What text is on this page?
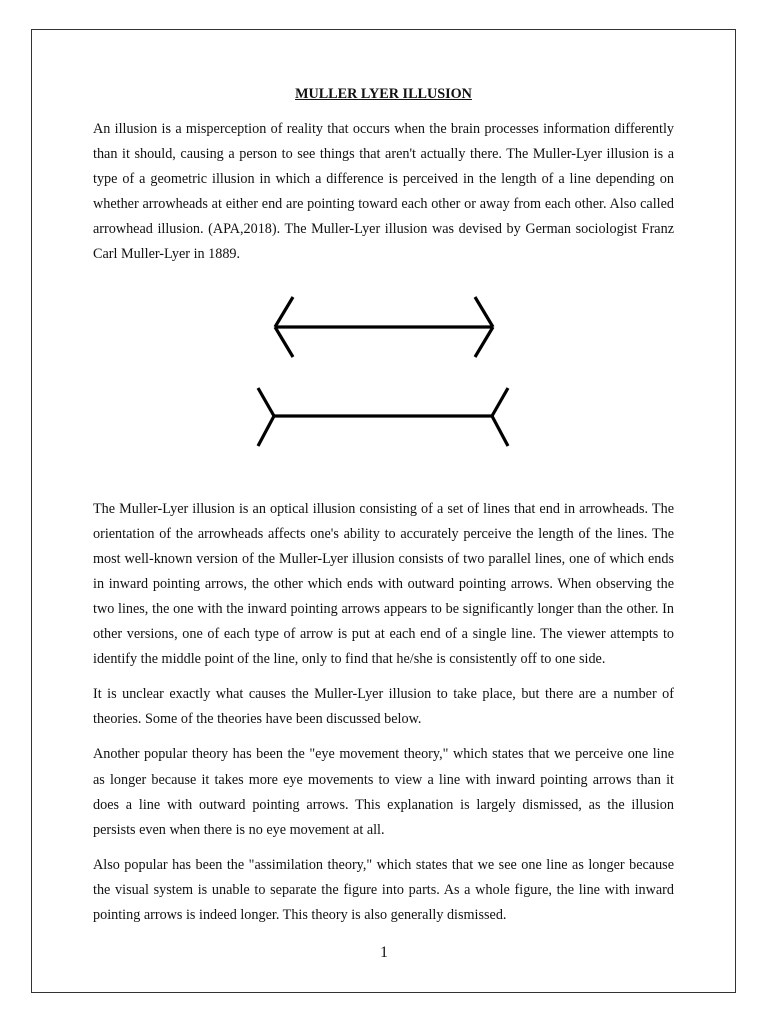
MULLER LYER ILLUSION

An illusion is a misperception of reality that occurs when the brain processes information differently than it should, causing a person to see things that aren't actually there. The Muller-Lyer illusion is a type of a geometric illusion in which a difference is perceived in the length of a line depending on whether arrowheads at either end are pointing toward each other or away from each other. Also called arrowhead illusion. (APA,2018). The Muller-Lyer illusion was devised by German sociologist Franz Carl Muller-Lyer in 1889.

The Muller-Lyer illusion is an optical illusion consisting of a set of lines that end in arrowheads. The orientation of the arrowheads affects one's ability to accurately perceive the length of the lines. The most well-known version of the Muller-Lyer illusion consists of two parallel lines, one of which ends in inward pointing arrows, the other which ends with outward pointing arrows. When observing the two lines, the one with the inward pointing arrows appears to be significantly longer than the other. In other versions, one of each type of arrow is put at each end of a single line. The viewer attempts to identify the middle point of the line, only to find that he/she is consistently off to one side.

It is unclear exactly what causes the Muller-Lyer illusion to take place, but there are a number of theories. Some of the theories have been discussed below.

Another popular theory has been the "eye movement theory," which states that we perceive one line as longer because it takes more eye movements to view a line with inward pointing arrows than it does a line with outward pointing arrows. This explanation is largely dismissed, as the illusion persists even when there is no eye movement at all.

Also popular has been the "assimilation theory," which states that we see one line as longer because the visual system is unable to separate the figure into parts. As a whole figure, the line with inward pointing arrows is indeed longer. This theory is also generally dismissed.

1
